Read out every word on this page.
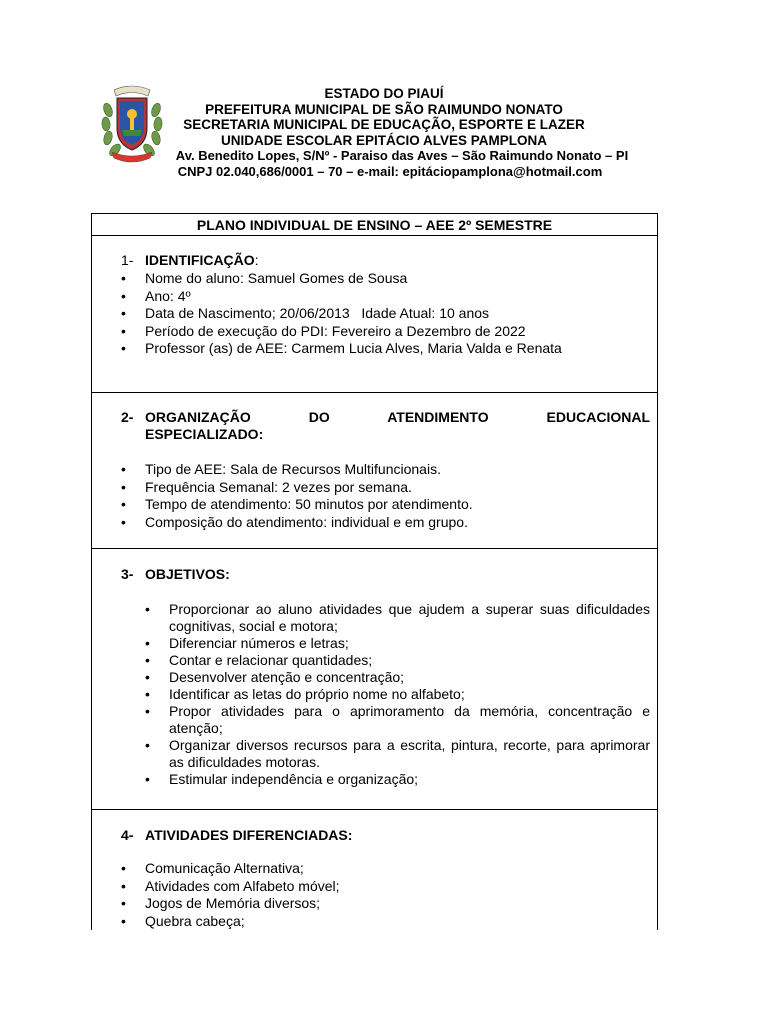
ESTADO DO PIAUÍ
PREFEITURA MUNICIPAL DE SÃO RAIMUNDO NONATO
SECRETARIA MUNICIPAL DE EDUCAÇÃO, ESPORTE E LAZER
UNIDADE ESCOLAR EPITÁCIO ALVES PAMPLONA
Av. Benedito Lopes, S/Nº - Paraiso das Aves – São Raimundo Nonato – PI
CNPJ 02.040,686/0001 – 70 – e-mail: epitáciopamplona@hotmail.com
PLANO INDIVIDUAL DE ENSINO – AEE 2º SEMESTRE
1- IDENTIFICAÇÃO:
• Nome do aluno: Samuel Gomes de Sousa
• Ano: 4º
• Data de Nascimento; 20/06/2013   Idade Atual: 10 anos
• Período de execução do PDI: Fevereiro a Dezembro de 2022
• Professor (as) de AEE: Carmem Lucia Alves, Maria Valda e Renata
2- ORGANIZAÇÃO DO ATENDIMENTO EDUCACIONAL
ESPECIALIZADO:
• Tipo de AEE: Sala de Recursos Multifuncionais.
• Frequência Semanal: 2 vezes por semana.
• Tempo de atendimento: 50 minutos por atendimento.
• Composição do atendimento: individual e em grupo.
3- OBJETIVOS:
• Proporcionar ao aluno atividades que ajudem a superar suas dificuldades cognitivas, social e motora;
• Diferenciar números e letras;
• Contar e relacionar quantidades;
• Desenvolver atenção e concentração;
• Identificar as letas do próprio nome no alfabeto;
• Propor atividades para o aprimoramento da memória, concentração e atenção;
• Organizar diversos recursos para a escrita, pintura, recorte, para aprimorar as dificuldades motoras.
• Estimular independência e organização;
4- ATIVIDADES DIFERENCIADAS:
• Comunicação Alternativa;
• Atividades com Alfabeto móvel;
• Jogos de Memória diversos;
• Quebra cabeça;
